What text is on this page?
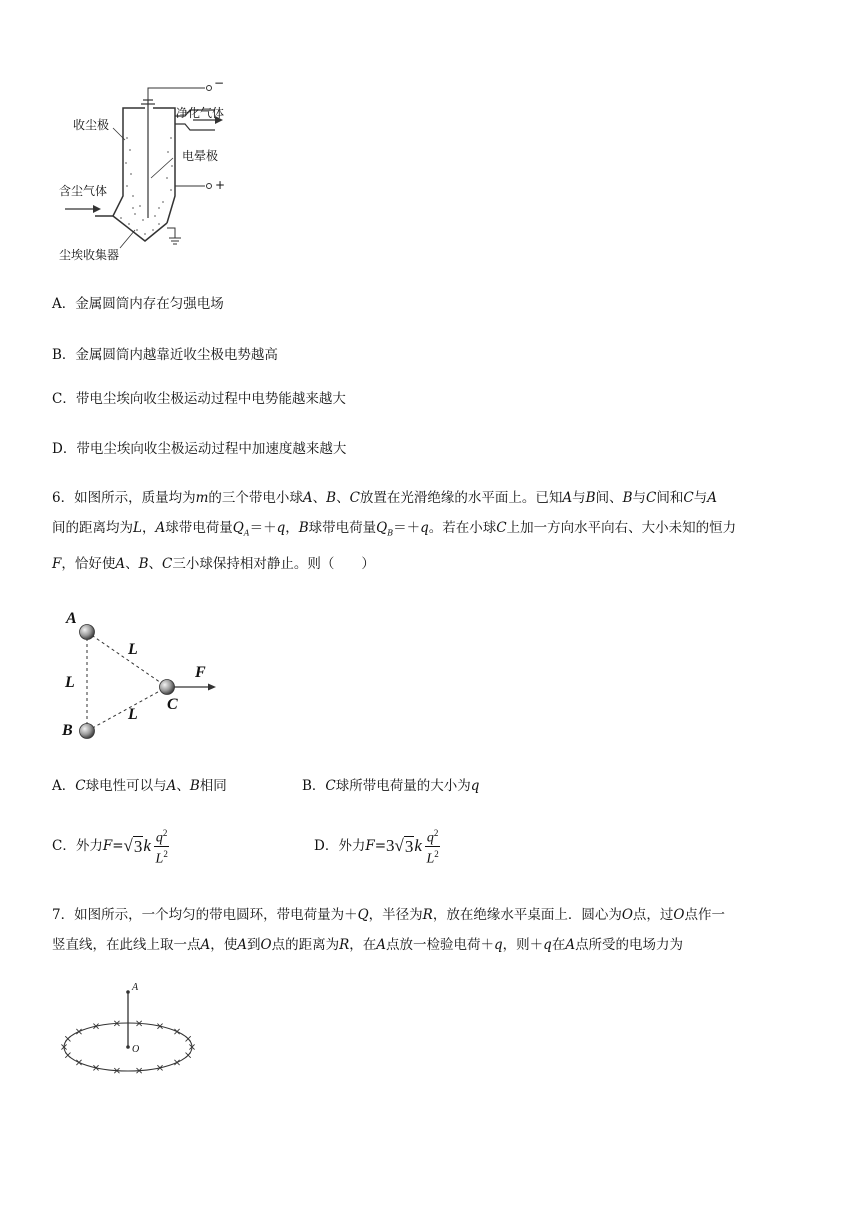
−
+
收尘极
电晕极
含尘气体
尘埃收集器
净化气体
A．金属圆筒内存在匀强电场
B．金属圆筒内越靠近收尘极电势越高
C．带电尘埃向收尘极运动过程中电势能越来越大
D．带电尘埃向收尘极运动过程中加速度越来越大
6．如图所示，质量均为m的三个带电小球A、B、C放置在光滑绝缘的水平面上。已知A与B间、B与C间和C与A
间的距离均为L，A球带电荷量$Q_A=+q$，B球带电荷量$Q_B=+q$。若在小球C上加一方向水平向右、大小未知的恒力
F，恰好使A、B、C三小球保持相对静止。则（　　）
A
B
C
L
L
L
F
A．C球电性可以与A、B相同	B．C球所带电荷量的大小为q
C．外力 F = √ 3 k $\frac{q^2}{L^2}$	D．外力 F = 3 √ 3 k $\frac{q^2}{L^2}$
7．如图所示，一个均匀的带电圆环，带电荷量为＋Q，半径为R，放在绝缘水平桌面上．圆心为O点，过O点作一
竖直线，在此线上取一点A，使A到O点的距离为R，在A点放一检验电荷＋q，则＋q在A点所受的电场力为
A
O
